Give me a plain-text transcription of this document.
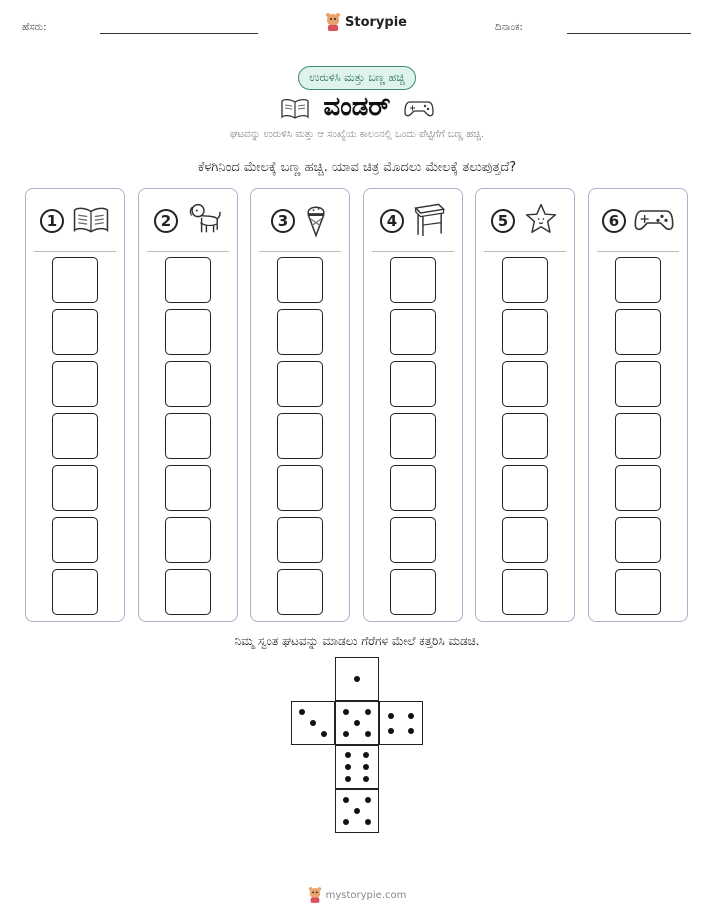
ಹೆಸರು:	Storypie	ದಿನಾಂಕ:
ಉರುಳಿಸಿ ಮತ್ತು ಬಣ್ಣ ಹಚ್ಚಿ
ವಂಡರ್
ಘಟವನ್ನು ಉರುಳಿಸಿ ಮತ್ತು ಆ ಸಂಖ್ಯೆಯ ಕಾಲಂನಲ್ಲಿ ಒಂದು ಪೆಟ್ಟಿಗೆಗೆ ಬಣ್ಣ ಹಚ್ಚಿ.
ಕೆಳಗಿನಿಂದ ಮೇಲಕ್ಕೆ ಬಣ್ಣ ಹಚ್ಚಿ. ಯಾವ ಚಿತ್ರ ಮೊದಲು ಮೇಲಕ್ಕೆ ತಲುಪುತ್ತದೆ?
1	2	3	4	5	6
ನಿಮ್ಮ ಸ್ವಂತ ಘಟವನ್ನು ಮಾಡಲು ಗೆರೆಗಳ ಮೇಲೆ ಕತ್ತರಿಸಿ ಮಡಚಿ.
mystorypie.com
